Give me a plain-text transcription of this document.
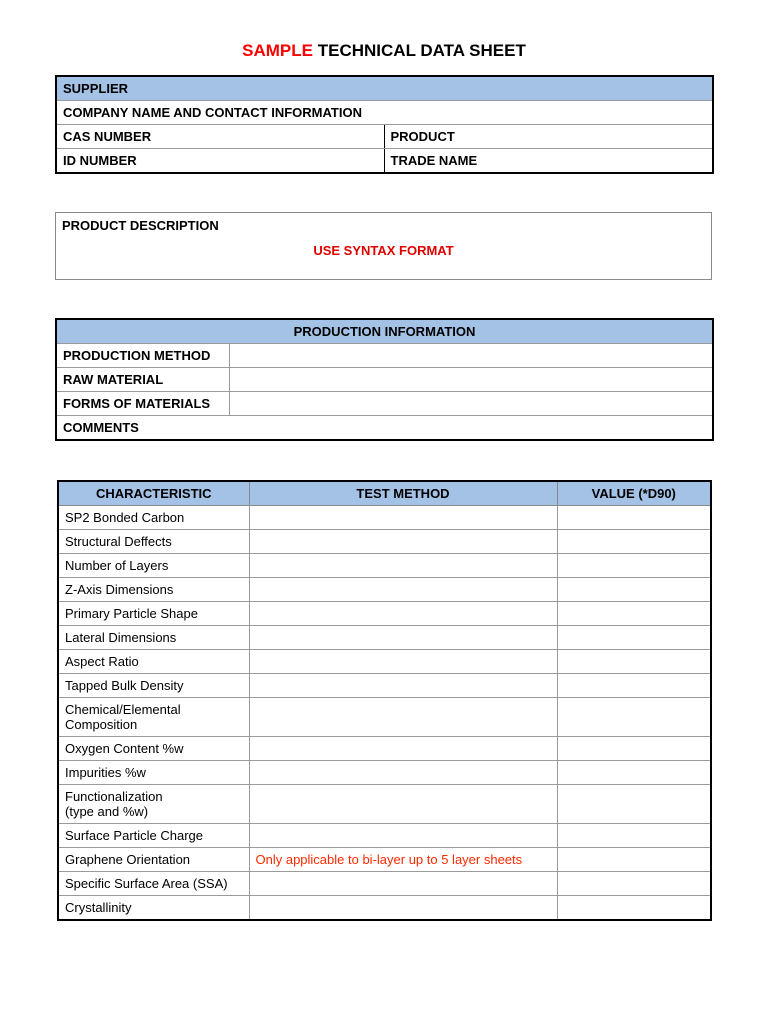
SAMPLE TECHNICAL DATA SHEET
SUPPLIER	
COMPANY NAME AND CONTACT INFORMATION	
CAS NUMBER	PRODUCT
ID NUMBER	TRADE NAME
PRODUCT DESCRIPTION
USE SYNTAX FORMAT
PRODUCTION INFORMATION	
PRODUCTION METHOD	
RAW MATERIAL	
FORMS OF MATERIALS	
COMMENTS	
CHARACTERISTIC	TEST METHOD	VALUE (*D90)
SP2 Bonded Carbon		
Structural Deffects		
Number of Layers		
Z-Axis Dimensions		
Primary Particle Shape		
Lateral Dimensions		
Aspect Ratio		
Tapped Bulk Density		
Chemical/Elemental
Composition		
Oxygen Content %w		
Impurities %w		
Functionalization
(type and %w)		
Surface Particle Charge		
Graphene Orientation	Only applicable to bi-layer up to 5 layer sheets	
Specific Surface Area (SSA)		
Crystallinity		
